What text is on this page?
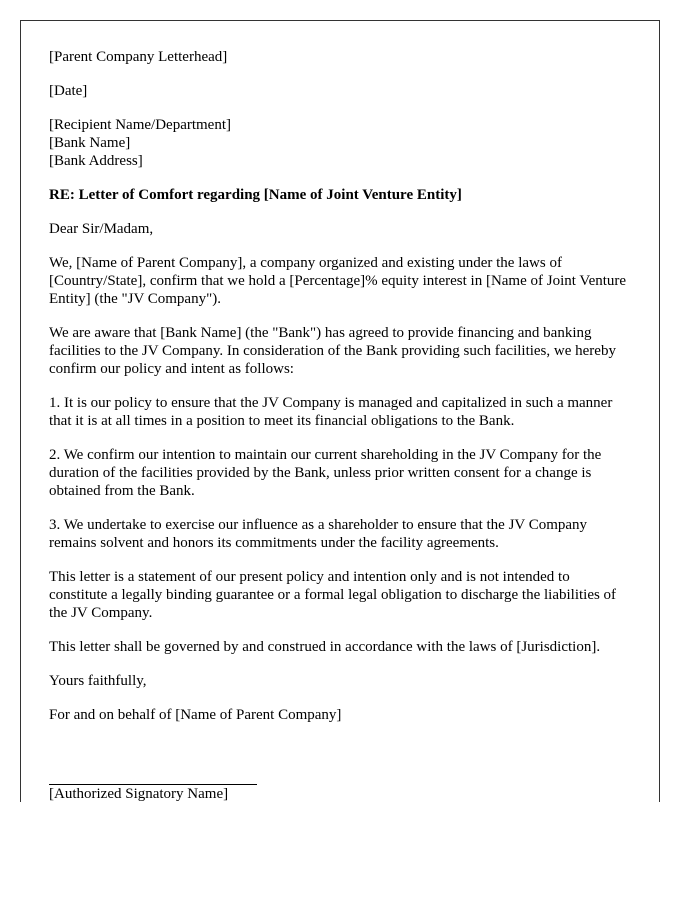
[Parent Company Letterhead]

[Date]

[Recipient Name/Department]
[Bank Name]
[Bank Address]

RE: Letter of Comfort regarding [Name of Joint Venture Entity]

Dear Sir/Madam,

We, [Name of Parent Company], a company organized and existing under the laws of [Country/State], confirm that we hold a [Percentage]% equity interest in [Name of Joint Venture Entity] (the "JV Company").

We are aware that [Bank Name] (the "Bank") has agreed to provide financing and banking facilities to the JV Company. In consideration of the Bank providing such facilities, we hereby confirm our policy and intent as follows:

1. It is our policy to ensure that the JV Company is managed and capitalized in such a manner that it is at all times in a position to meet its financial obligations to the Bank.

2. We confirm our intention to maintain our current shareholding in the JV Company for the duration of the facilities provided by the Bank, unless prior written consent for a change is obtained from the Bank.

3. We undertake to exercise our influence as a shareholder to ensure that the JV Company remains solvent and honors its commitments under the facility agreements.

This letter is a statement of our present policy and intention only and is not intended to constitute a legally binding guarantee or a formal legal obligation to discharge the liabilities of the JV Company.

This letter shall be governed by and construed in accordance with the laws of [Jurisdiction].

Yours faithfully,

For and on behalf of [Name of Parent Company]

[Authorized Signatory Name]
